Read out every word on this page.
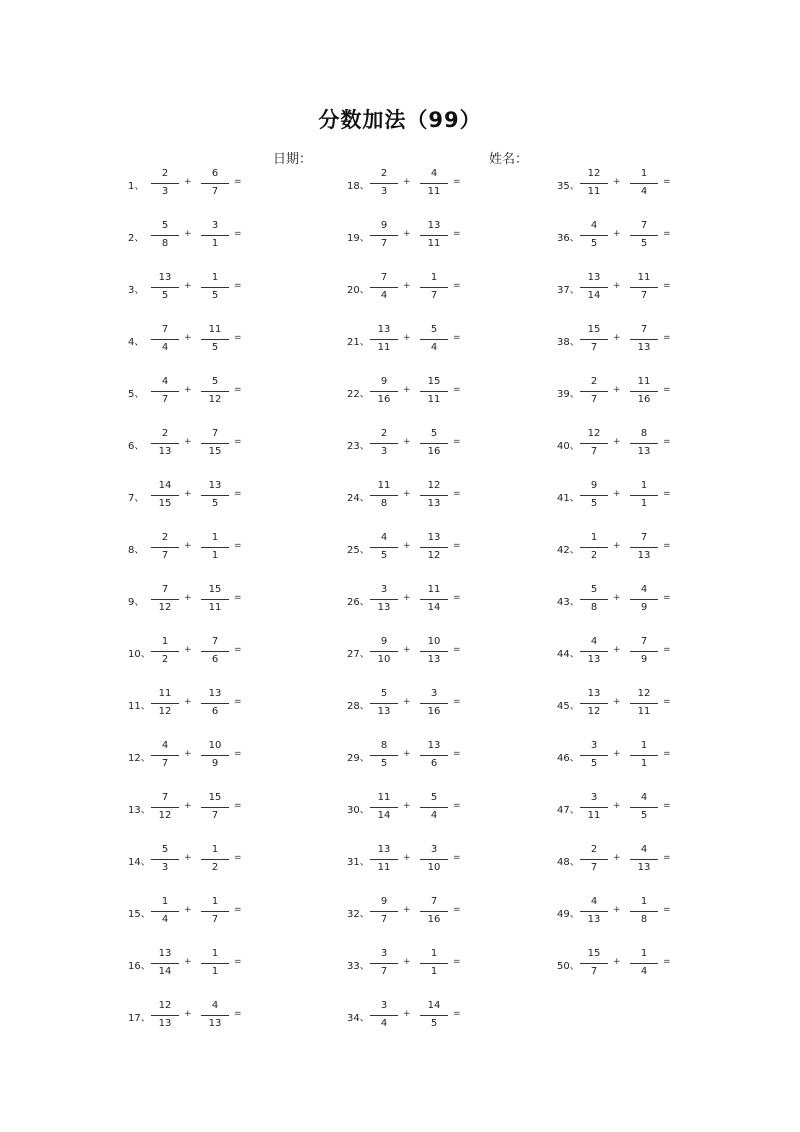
分数加法（99）
日期：	姓名：
1、
2
3
+
6
7
=
2、
5
8
+
3
1
=
3、
13
5
+
1
5
=
4、
7
4
+
11
5
=
5、
4
7
+
5
12
=
6、
2
13
+
7
15
=
7、
14
15
+
13
5
=
8、
2
7
+
1
1
=
9、
7
12
+
15
11
=
10、
1
2
+
7
6
=
11、
11
12
+
13
6
=
12、
4
7
+
10
9
=
13、
7
12
+
15
7
=
14、
5
3
+
1
2
=
15、
1
4
+
1
7
=
16、
13
14
+
1
1
=
17、
12
13
+
4
13
=
18、
2
3
+
4
11
=
19、
9
7
+
13
11
=
20、
7
4
+
1
7
=
21、
13
11
+
5
4
=
22、
9
16
+
15
11
=
23、
2
3
+
5
16
=
24、
11
8
+
12
13
=
25、
4
5
+
13
12
=
26、
3
13
+
11
14
=
27、
9
10
+
10
13
=
28、
5
13
+
3
16
=
29、
8
5
+
13
6
=
30、
11
14
+
5
4
=
31、
13
11
+
3
10
=
32、
9
7
+
7
16
=
33、
3
7
+
1
1
=
34、
3
4
+
14
5
=
35、
12
11
+
1
4
=
36、
4
5
+
7
5
=
37、
13
14
+
11
7
=
38、
15
7
+
7
13
=
39、
2
7
+
11
16
=
40、
12
7
+
8
13
=
41、
9
5
+
1
1
=
42、
1
2
+
7
13
=
43、
5
8
+
4
9
=
44、
4
13
+
7
9
=
45、
13
12
+
12
11
=
46、
3
5
+
1
1
=
47、
3
11
+
4
5
=
48、
2
7
+
4
13
=
49、
4
13
+
1
8
=
50、
15
7
+
1
4
=
